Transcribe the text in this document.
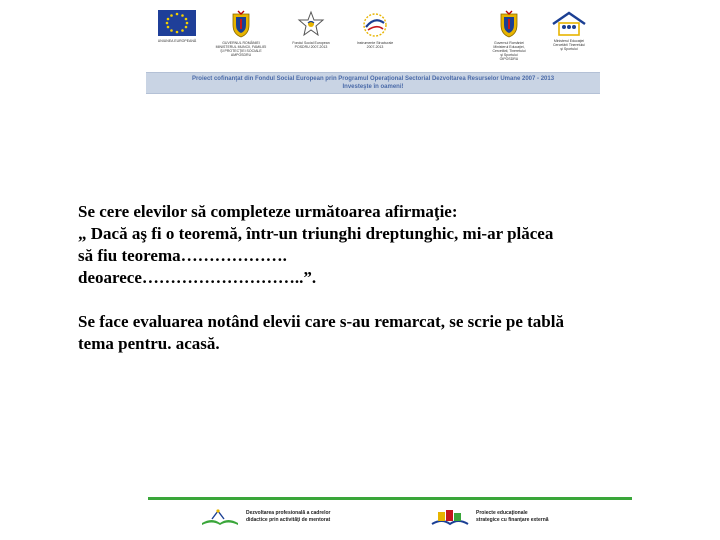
UNIUNEA EUROPEANĂ	GUVERNUL ROMÂNIEI
MINISTERUL MUNCII, FAMILIEI
ŞI PROTECŢIEI SOCIALE
AMPOSDRU
Fondul Social European
POSDRU 2007-2013
Instrumente Structurale
2007-2013
Guvernul României
Ministerul Educaţiei,
Cercetării, Tineretului
şi Sportului
OIPOSDRU
Ministerul Educaţiei
Cercetării Tineretului
şi Sportului
Proiect cofinanţat din Fondul Social European prin Programul Operaţional Sectorial Dezvoltarea Resurselor Umane 2007 - 2013
Investeşte în oameni!

Se cere elevilor să completeze următoarea afirmaţie:
„ Dacă aş fi o teoremă, într-un triunghi dreptunghic, mi-ar plăcea
să fiu teorema……………….
deoarece………………………..”.

Se face evaluarea notând elevii care s-au remarcat, se scrie pe tablă
tema pentru. acasă.

Dezvoltarea profesională a cadrelor
didactice prin activităţi de mentorat
Proiecte educaţionale
strategice cu finanţare externă
